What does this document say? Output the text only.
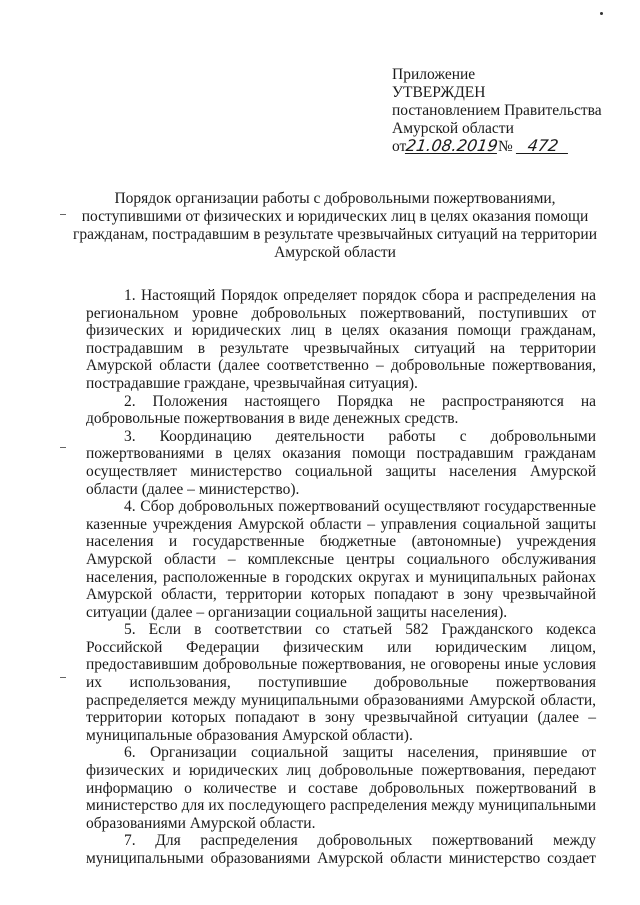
Приложение
УТВЕРЖДЕН
постановлением Правительства
Амурской области
от21.08.2019№ 472
Порядок организации работы с добровольными пожертвованиями, поступившими от физических и юридических лиц в целях оказания помощи гражданам, пострадавшим в результате чрезвычайных ситуаций на территории Амурской области

1. Настоящий Порядок определяет порядок сбора и распределения на региональном уровне добровольных пожертвований, поступивших от физических и юридических лиц в целях оказания помощи гражданам, пострадавшим в результате чрезвычайных ситуаций на территории Амурской области (далее соответственно – добровольные пожертвования, пострадавшие граждане, чрезвычайная ситуация).

2. Положения настоящего Порядка не распространяются на добровольные пожертвования в виде денежных средств.

3. Координацию деятельности работы с добровольными пожертвованиями в целях оказания помощи пострадавшим гражданам осуществляет министерство социальной защиты населения Амурской области (далее – министерство).

4. Сбор добровольных пожертвований осуществляют государственные казенные учреждения Амурской области – управления социальной защиты населения и государственные бюджетные (автономные) учреждения Амурской области – комплексные центры социального обслуживания населения, расположенные в городских округах и муниципальных районах Амурской области, территории которых попадают в зону чрезвычайной ситуации (далее – организации социальной защиты населения).

5. Если в соответствии со статьей 582 Гражданского кодекса Российской Федерации физическим или юридическим лицом, предоставившим добровольные пожертвования, не оговорены иные условия их использования, поступившие добровольные пожертвования распределяется между муниципальными образованиями Амурской области, территории которых попадают в зону чрезвычайной ситуации (далее – муниципальные образования Амурской области).

6. Организации социальной защиты населения, принявшие от физических и юридических лиц добровольные пожертвования, передают информацию о количестве и составе добровольных пожертвований в министерство для их последующего распределения между муниципальными образованиями Амурской области.

7. Для распределения добровольных пожертвований между муниципальными образованиями Амурской области министерство создает
